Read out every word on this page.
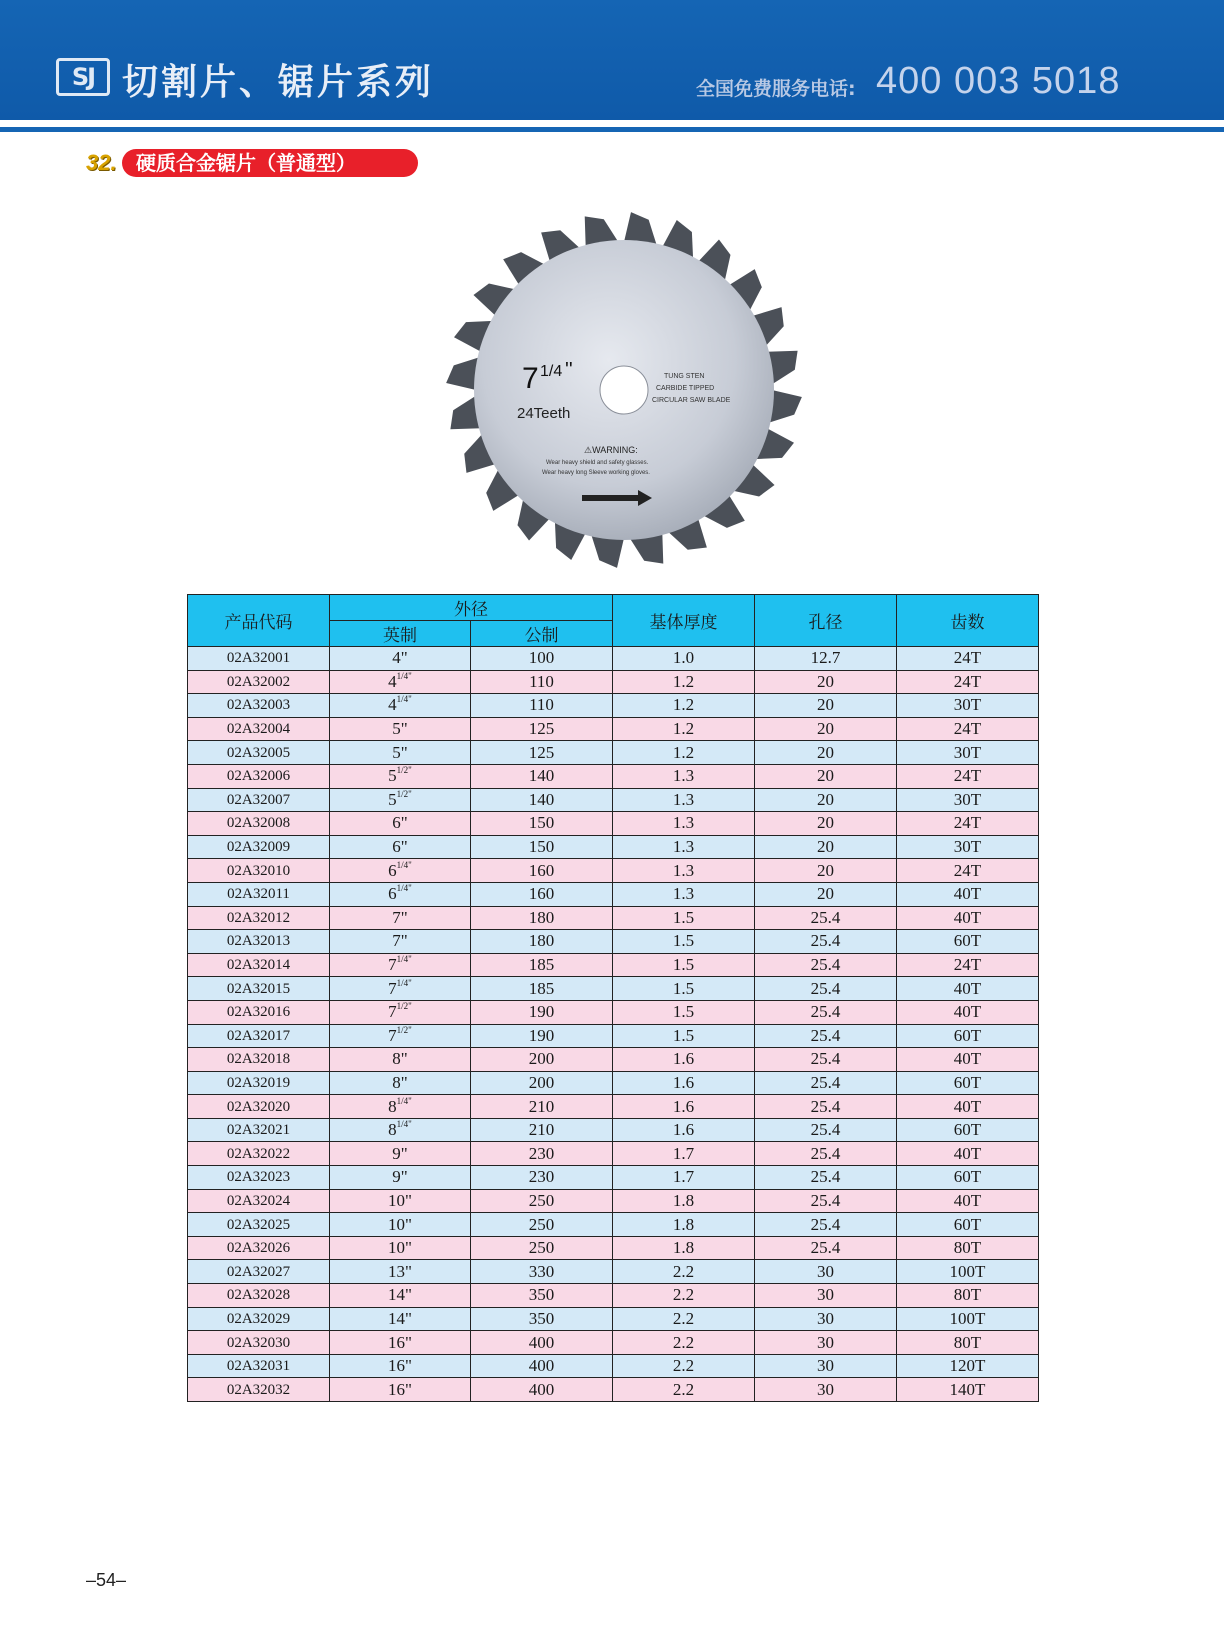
SJ 切割片、锯片系列	全国免费服务电话: 400 003 5018
32. 硬质合金锯片（普通型）
7 1/4 ''
24Teeth
TUNG STEN
CARBIDE TIPPED
CIRCULAR SAW BLADE
⚠WARNING:
Wear heavy shield and safety glasses.
Wear heavy long Sleeve working gloves.
产品代码	外径		基体厚度	孔径	齿数
	英制	公制			
02A32001	4"	100	1.0	12.7	24T
02A32002	$4^{1/4"}$	110	1.2	20	24T
02A32003	$4^{1/4"}$	110	1.2	20	30T
02A32004	5"	125	1.2	20	24T
02A32005	5"	125	1.2	20	30T
02A32006	$5^{1/2"}$	140	1.3	20	24T
02A32007	$5^{1/2"}$	140	1.3	20	30T
02A32008	6"	150	1.3	20	24T
02A32009	6"	150	1.3	20	30T
02A32010	$6^{1/4"}$	160	1.3	20	24T
02A32011	$6^{1/4"}$	160	1.3	20	40T
02A32012	7"	180	1.5	25.4	40T
02A32013	7"	180	1.5	25.4	60T
02A32014	$7^{1/4"}$	185	1.5	25.4	24T
02A32015	$7^{1/4"}$	185	1.5	25.4	40T
02A32016	$7^{1/2"}$	190	1.5	25.4	40T
02A32017	$7^{1/2"}$	190	1.5	25.4	60T
02A32018	8"	200	1.6	25.4	40T
02A32019	8"	200	1.6	25.4	60T
02A32020	$8^{1/4"}$	210	1.6	25.4	40T
02A32021	$8^{1/4"}$	210	1.6	25.4	60T
02A32022	9"	230	1.7	25.4	40T
02A32023	9"	230	1.7	25.4	60T
02A32024	10"	250	1.8	25.4	40T
02A32025	10"	250	1.8	25.4	60T
02A32026	10"	250	1.8	25.4	80T
02A32027	13"	330	2.2	30	100T
02A32028	14"	350	2.2	30	80T
02A32029	14"	350	2.2	30	100T
02A32030	16"	400	2.2	30	80T
02A32031	16"	400	2.2	30	120T
02A32032	16"	400	2.2	30	140T
–54–
